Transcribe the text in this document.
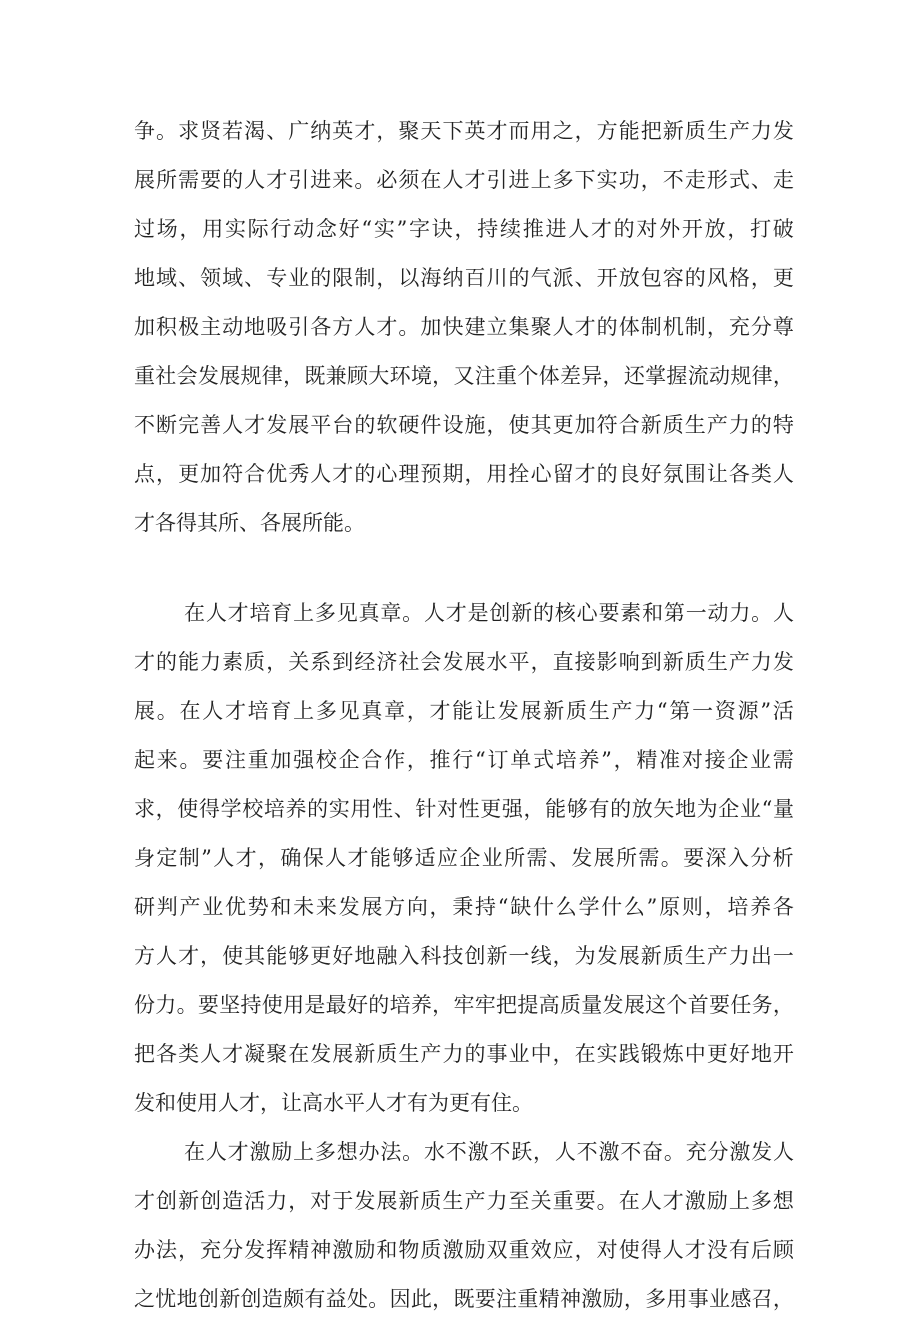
争 。 求 贤 若 渴 、 广 纳 英 才 ， 聚 天 下 英 才 而 用 之 ， 方 能 把 新 质 生 产 力 发
展 所 需 要 的 人 才 引 进 来 。 必 须 在 人 才 引 进 上 多 下 实 功 ， 不 走 形 式 、 走
过 场 ， 用 实 际 行 动 念 好 “ 实 ” 字 诀 ， 持 续 推 进 人 才 的 对 外 开 放 ， 打 破
地 域 、 领 域 、 专 业 的 限 制 ， 以 海 纳 百 川 的 气 派 、 开 放 包 容 的 风 格 ， 更
加 积 极 主 动 地 吸 引 各 方 人 才 。 加 快 建 立 集 聚 人 才 的 体 制 机 制 ， 充 分 尊
重 社 会 发 展 规 律 ， 既 兼 顾 大 环 境 ， 又 注 重 个 体 差 异 ， 还 掌 握 流 动 规 律 ，
不 断 完 善 人 才 发 展 平 台 的 软 硬 件 设 施 ， 使 其 更 加 符 合 新 质 生 产 力 的 特
点 ， 更 加 符 合 优 秀 人 才 的 心 理 预 期 ， 用 拴 心 留 才 的 良 好 氛 围 让 各 类 人
才各得其所、各展所能。
在 人 才 培 育 上 多 见 真 章 。 人 才 是 创 新 的 核 心 要 素 和 第 一 动 力 。 人
才 的 能 力 素 质 ， 关 系 到 经 济 社 会 发 展 水 平 ， 直 接 影 响 到 新 质 生 产 力 发
展 。 在 人 才 培 育 上 多 见 真 章 ， 才 能 让 发 展 新 质 生 产 力 “ 第 一 资 源 ” 活
起 来 。 要 注 重 加 强 校 企 合 作 ， 推 行 “ 订 单 式 培 养 ” ， 精 准 对 接 企 业 需
求 ， 使 得 学 校 培 养 的 实 用 性 、 针 对 性 更 强 ， 能 够 有 的 放 矢 地 为 企 业 “ 量
身 定 制 ” 人 才 ， 确 保 人 才 能 够 适 应 企 业 所 需 、 发 展 所 需 。 要 深 入 分 析
研 判 产 业 优 势 和 未 来 发 展 方 向 ， 秉 持 “ 缺 什 么 学 什 么 ” 原 则 ， 培 养 各
方 人 才 ， 使 其 能 够 更 好 地 融 入 科 技 创 新 一 线 ， 为 发 展 新 质 生 产 力 出 一
份 力 。 要 坚 持 使 用 是 最 好 的 培 养 ， 牢 牢 把 提 高 质 量 发 展 这 个 首 要 任 务 ，
把 各 类 人 才 凝 聚 在 发 展 新 质 生 产 力 的 事 业 中 ， 在 实 践 锻 炼 中 更 好 地 开
发和使用人才，让高水平人才有为更有住。
在 人 才 激 励 上 多 想 办 法 。 水 不 激 不 跃 ， 人 不 激 不 奋 。 充 分 激 发 人
才 创 新 创 造 活 力 ， 对 于 发 展 新 质 生 产 力 至 关 重 要 。 在 人 才 激 励 上 多 想
办 法 ， 充 分 发 挥 精 神 激 励 和 物 质 激 励 双 重 效 应 ， 对 使 得 人 才 没 有 后 顾
之 忧 地 创 新 创 造 颇 有 益 处 。 因 此 ， 既 要 注 重 精 神 激 励 ， 多 用 事 业 感 召 ，
